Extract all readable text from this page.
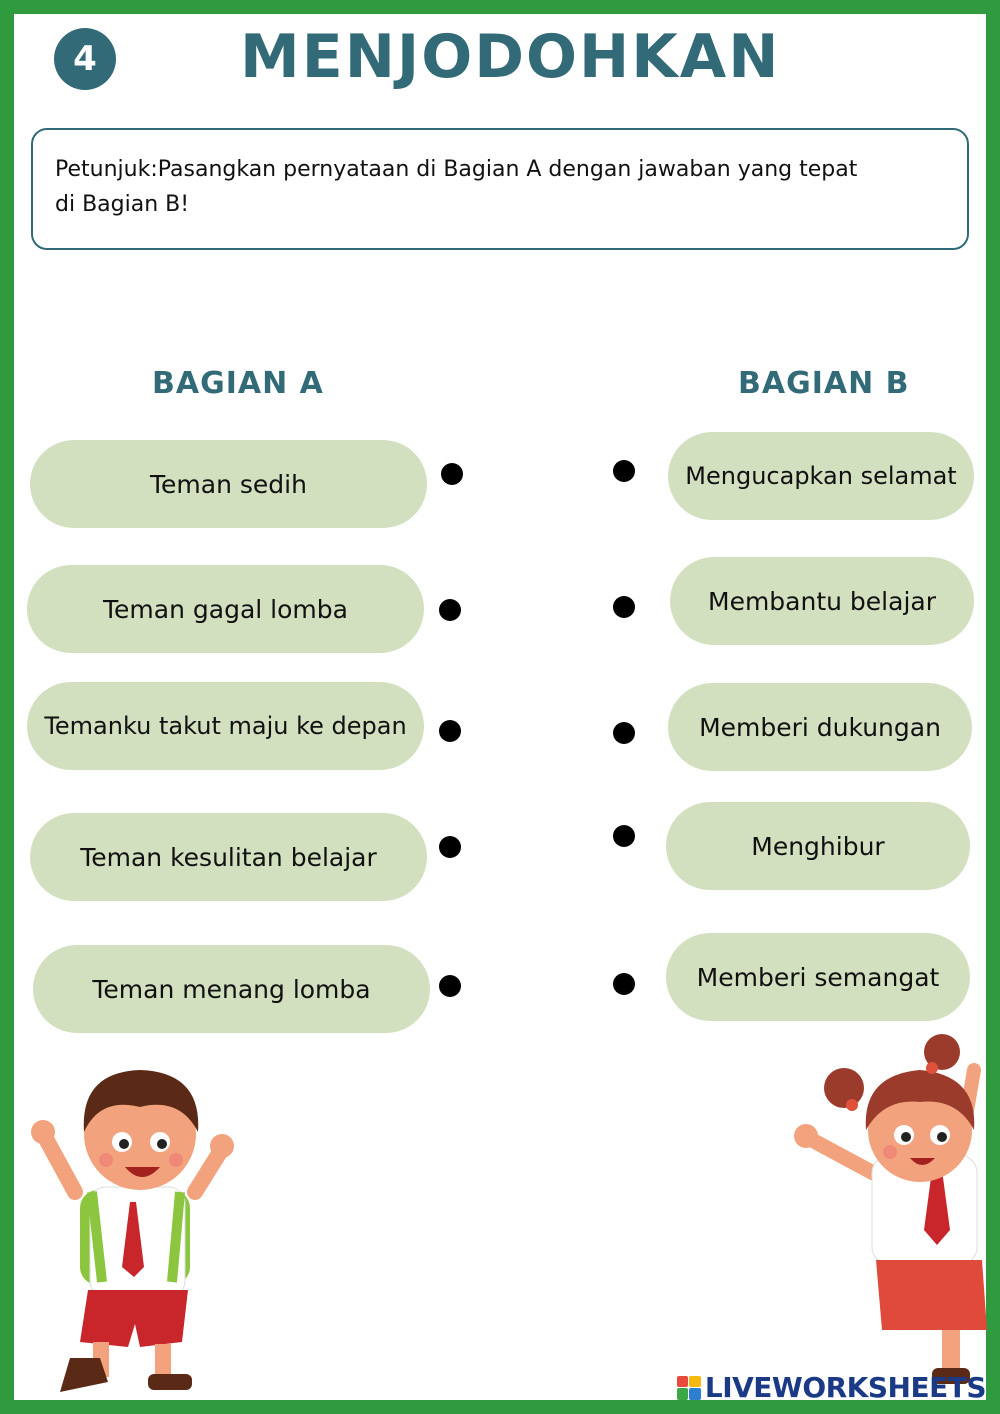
4 MENJODOHKAN

Petunjuk:Pasangkan pernyataan di Bagian A dengan jawaban yang tepat

di Bagian B!

BAGIAN A	BAGIAN B
Teman sedih
Teman gagal lomba
Temanku takut maju ke depan
Teman kesulitan belajar
Teman menang lomba
Mengucapkan selamat
Membantu belajar
Memberi dukungan
Menghibur
Memberi semangat
LIVEWORKSHEETS
